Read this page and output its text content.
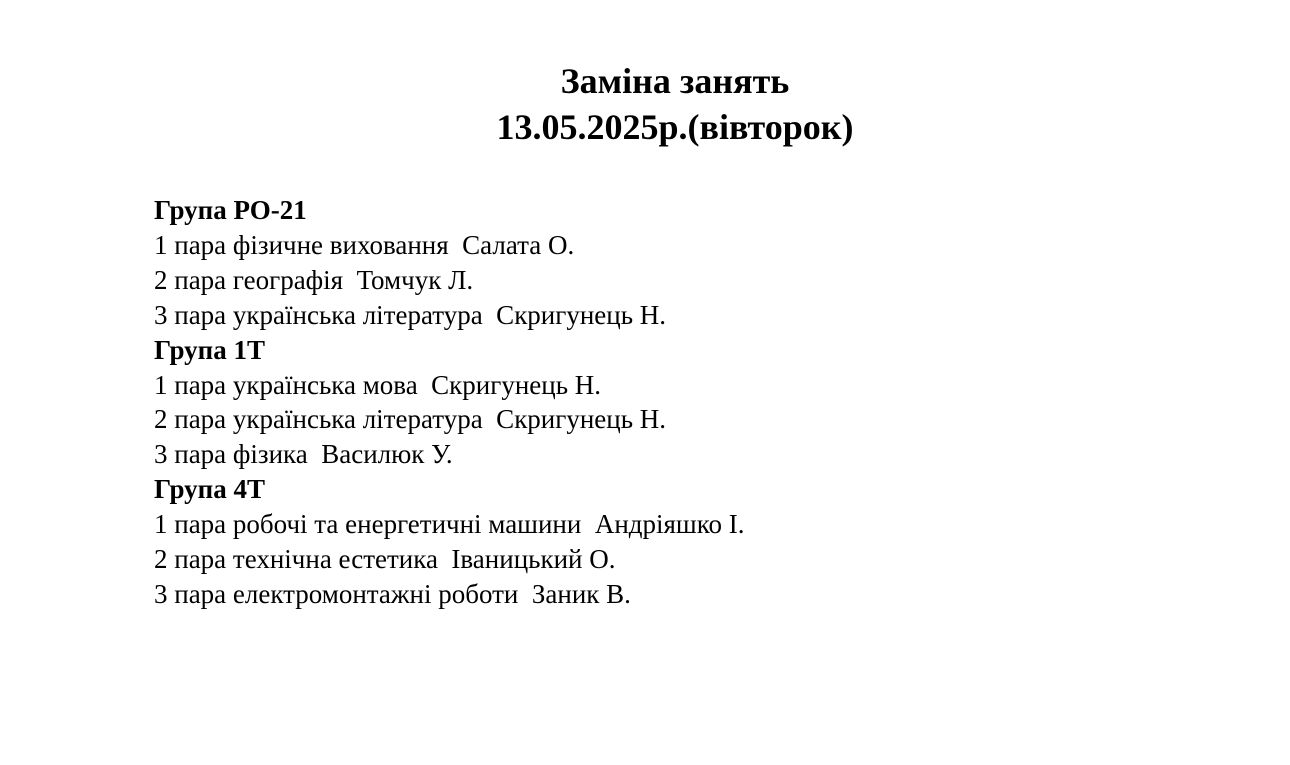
Заміна занять
13.05.2025р.(вівторок)
Група РО-21
1 пара фізичне виховання  Салата О.
2 пара географія  Томчук Л.
3 пара українська література  Скригунець Н.
Група 1Т
1 пара українська мова  Скригунець Н.
2 пара українська література  Скригунець Н.
3 пара фізика  Василюк У.
Група 4Т
1 пара робочі та енергетичні машини  Андріяшко І.
2 пара технічна естетика  Іваницький О.
3 пара електромонтажні роботи  Заник В.
